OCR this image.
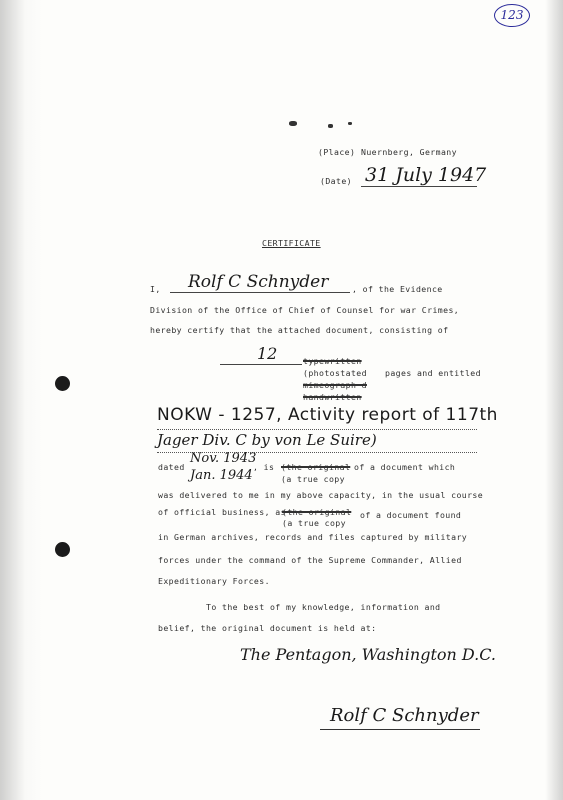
123
(Place) Nuernberg, Germany
(Date) 31 July 1947
CERTIFICATE
I, Rolf C Schnyder	, of the Evidence
Division of the Office of Chief of Counsel for war Crimes,
hereby certify that the attached document, consisting of
12	typewritten
(photostated pages and entitled
mimeograph d
handwritten
NOKW - 1257, Activity report of 117th
Jager Div. C by von Le Suire)
dated
Nov. 1943
, is
Jan. 1944
(the original of a document which
(a true copy
was delivered to me in my above capacity, in the usual course
of official business, as
(the original of a document found
(a true copy
in German archives, records and files captured by military
forces under the command of the Supreme Commander, Allied
Expeditionary Forces.
To the best of my knowledge, information and
belief, the original document is held at:
The Pentagon, Washington D.C.
Rolf C Schnyder
